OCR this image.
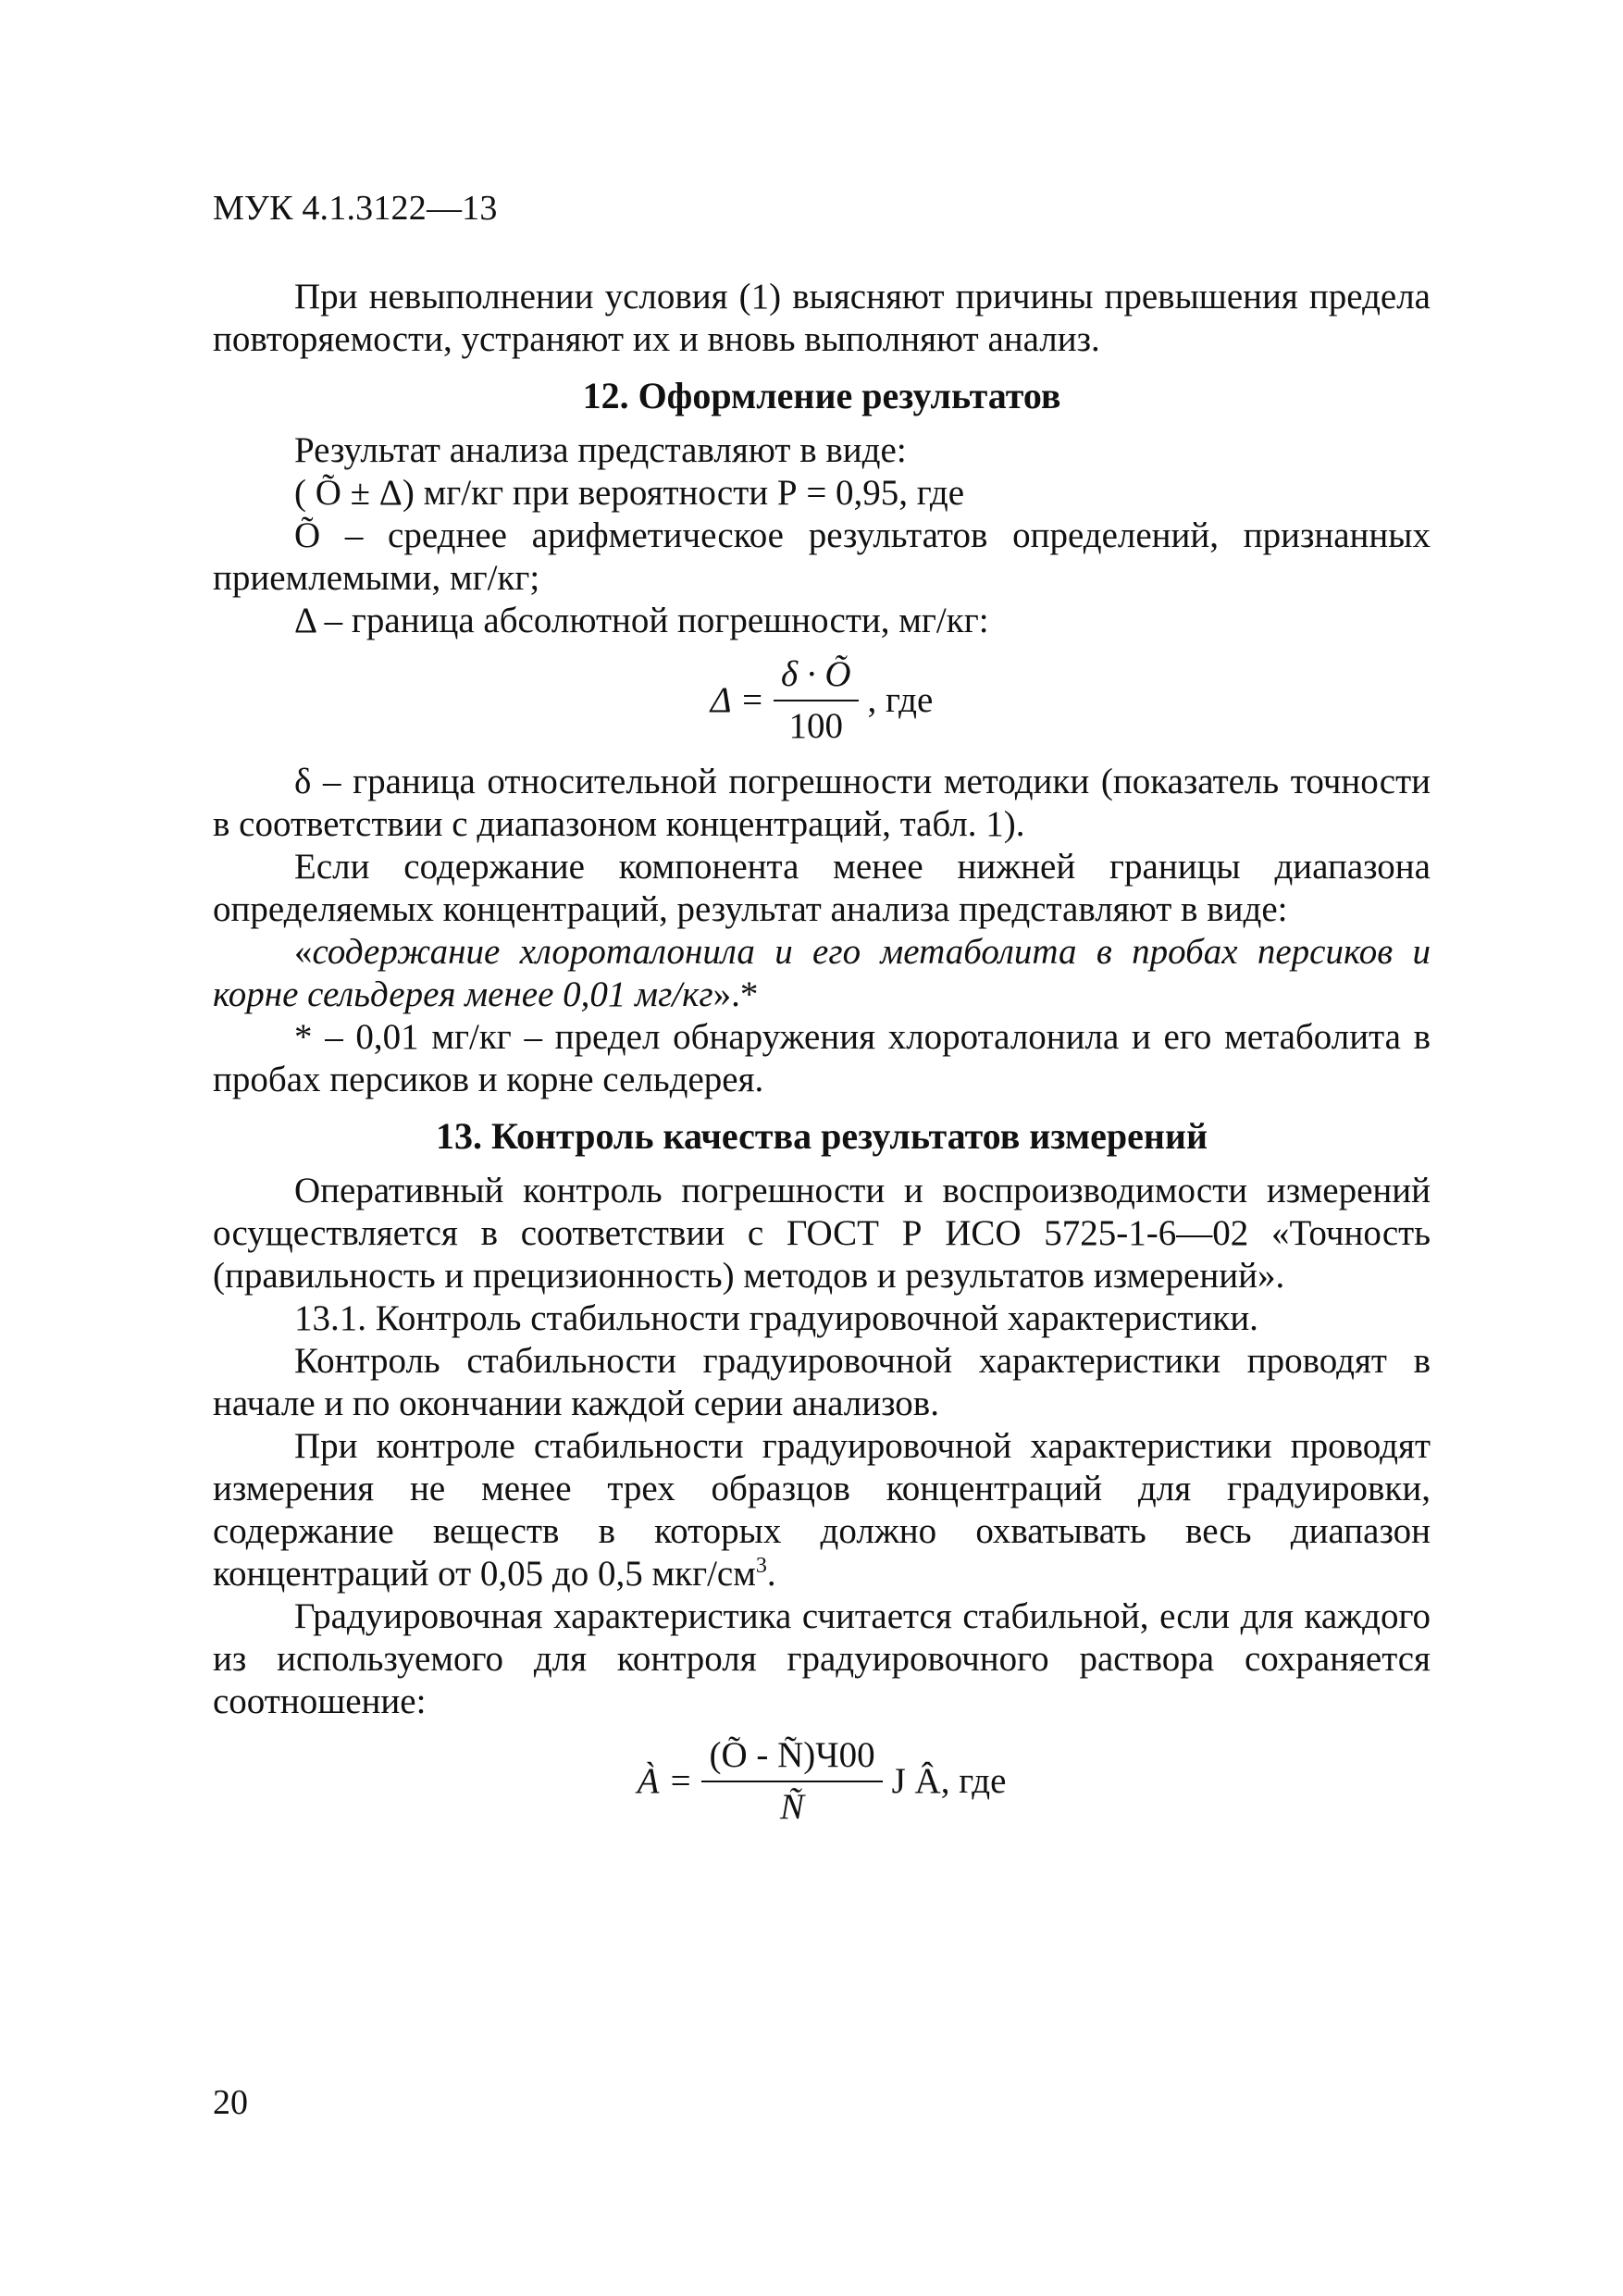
МУК 4.1.3122—13

При невыполнении условия (1) выясняют причины превышения предела повторяемости, устраняют их и вновь выполняют анализ.

12. Оформление результатов

Результат анализа представляют в виде:

( Õ ± Δ) мг/кг при вероятности Р = 0,95, где

Õ – среднее арифметическое результатов определений, признанных приемлемыми, мг/кг;

Δ – граница абсолютной погрешности, мг/кг:

$\Delta = \frac{\delta \cdot Õ}{100}$ , где

δ – граница относительной погрешности методики (показатель точности в соответствии с диапазоном концентраций, табл. 1).

Если содержание компонента менее нижней границы диапазона определяемых концентраций, результат анализа представляют в виде:

«содержание хлороталонила и его метаболита в пробах персиков и корне сельдерея менее 0,01 мг/кг».*

* – 0,01 мг/кг – предел обнаружения хлороталонила и его метаболита в пробах персиков и корне сельдерея.

13. Контроль качества результатов измерений

Оперативный контроль погрешности и воспроизводимости измерений осуществляется в соответствии с ГОСТ Р ИСО 5725-1-6—02 «Точность (правильность и прецизионность) методов и результатов измерений».

13.1. Контроль стабильности градуировочной характеристики.

Контроль стабильности градуировочной характеристики проводят в начале и по окончании каждой серии анализов.

При контроле стабильности градуировочной характеристики проводят измерения не менее трех образцов концентраций для градуировки, содержание веществ в которых должно охватывать весь диапазон концентраций от 0,05 до 0,5 мкг/$см^3$.

Градуировочная характеристика считается стабильной, если для каждого из используемого для контроля градуировочного раствора сохраняется соотношение:

À = $\frac{(Õ - Ñ)Ч00}{Ñ}$ J Â, где
20
